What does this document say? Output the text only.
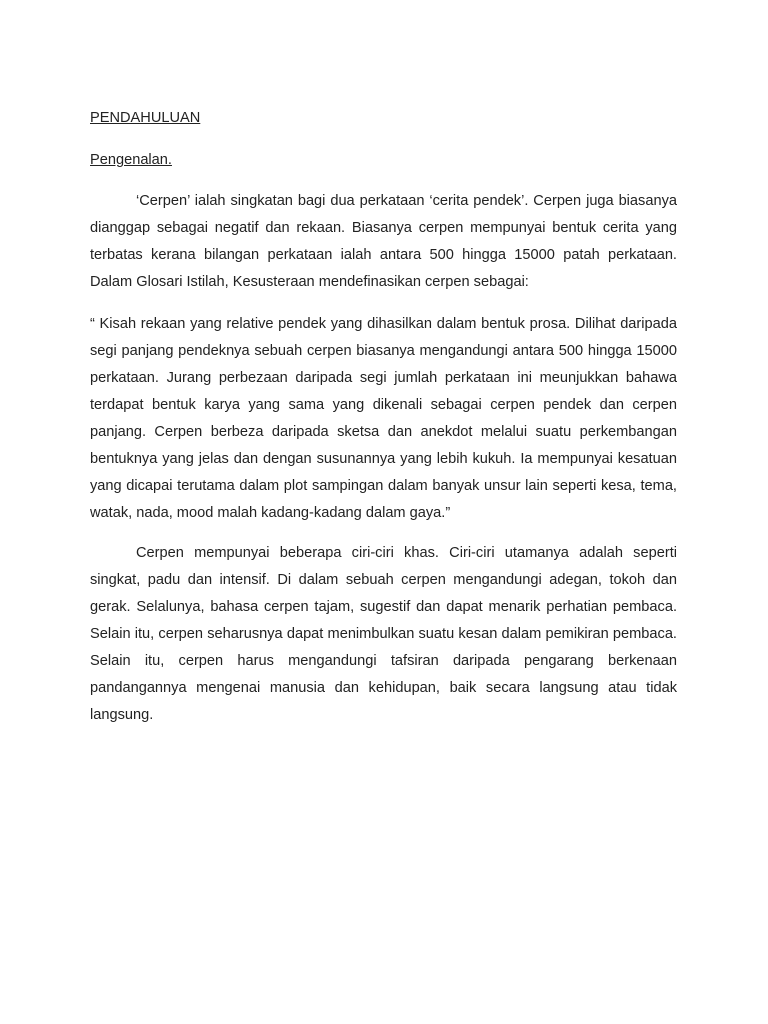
PENDAHULUAN
Pengenalan.

‘Cerpen’ ialah singkatan bagi dua perkataan ‘cerita pendek’. Cerpen juga biasanya dianggap sebagai negatif dan rekaan. Biasanya cerpen mempunyai bentuk cerita yang terbatas kerana bilangan perkataan ialah antara 500 hingga 15000 patah perkataan. Dalam Glosari Istilah, Kesusteraan mendefinasikan cerpen sebagai:

“ Kisah rekaan yang relative pendek yang dihasilkan dalam bentuk prosa. Dilihat daripada segi panjang pendeknya sebuah cerpen biasanya mengandungi antara 500 hingga 15000 perkataan. Jurang perbezaan daripada segi jumlah perkataan ini meunjukkan bahawa terdapat bentuk karya yang sama yang dikenali sebagai cerpen pendek dan cerpen panjang. Cerpen berbeza daripada sketsa dan anekdot melalui suatu perkembangan bentuknya yang jelas dan dengan susunannya yang lebih kukuh. Ia mempunyai kesatuan yang dicapai terutama dalam plot sampingan dalam banyak unsur lain seperti kesa, tema, watak, nada, mood malah kadang-kadang dalam gaya.”

Cerpen mempunyai beberapa ciri-ciri khas. Ciri-ciri utamanya adalah seperti singkat, padu dan intensif. Di dalam sebuah cerpen mengandungi adegan, tokoh dan gerak. Selalunya, bahasa cerpen tajam, sugestif dan dapat menarik perhatian pembaca. Selain itu, cerpen seharusnya dapat menimbulkan suatu kesan dalam pemikiran pembaca. Selain itu, cerpen harus mengandungi tafsiran daripada pengarang berkenaan pandangannya mengenai manusia dan kehidupan, baik secara langsung atau tidak langsung.
